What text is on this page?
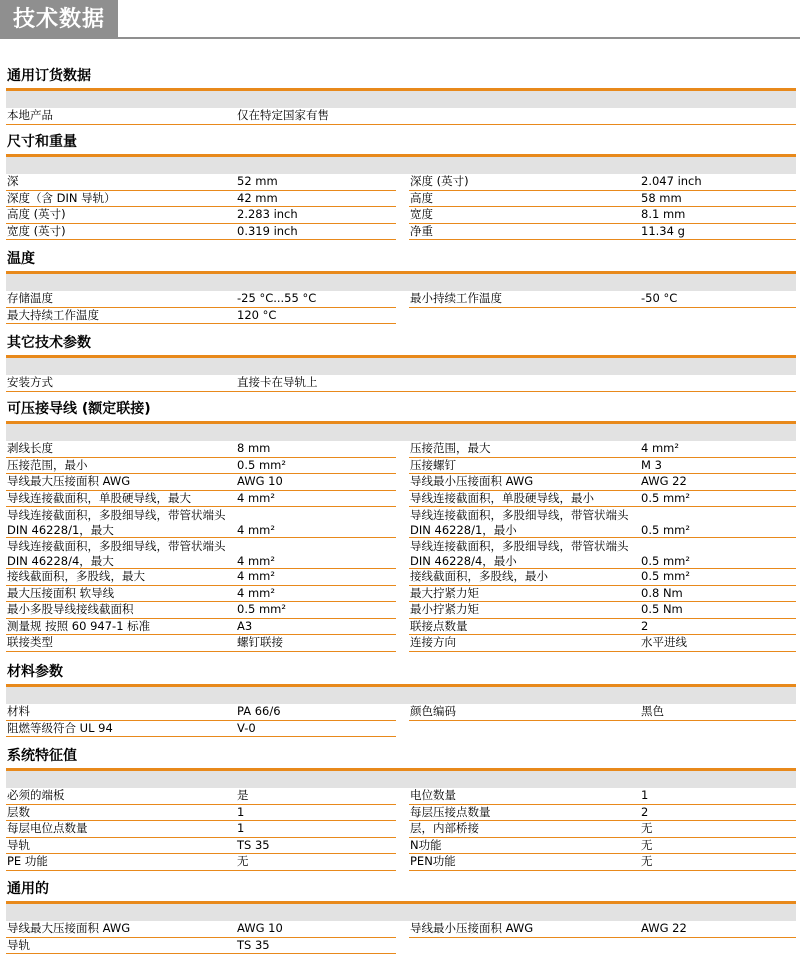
技术数据
通用订货数据
本地产品	仅在特定国家有售
尺寸和重量
深	52 mm	深度 (英寸)	2.047 inch
深度（含 DIN 导轨）	42 mm	高度	58 mm
高度 (英寸)	2.283 inch	宽度	8.1 mm
宽度 (英寸)	0.319 inch	净重	11.34 g
温度
存储温度	-25 °C...55 °C	最小持续工作温度	-50 °C
最大持续工作温度	120 °C
其它技术参数
安装方式	直接卡在导轨上
可压接导线 (额定联接)
剥线长度	8 mm	压接范围，最大	4 mm²
压接范围，最小	0.5 mm²	压接螺钉	M 3
导线最大压接面积 AWG	AWG 10	导线最小压接面积 AWG	AWG 22
导线连接截面积，单股硬导线，最大	4 mm²	导线连接截面积，单股硬导线，最小	0.5 mm²
导线连接截面积，多股细导线，带管状端头 DIN 46228/1，最大	4 mm²
导线连接截面积，多股细导线，带管状端头 DIN 46228/1，最小	0.5 mm²
导线连接截面积，多股细导线，带管状端头 DIN 46228/4，最大	4 mm²
导线连接截面积，多股细导线，带管状端头 DIN 46228/4，最小	0.5 mm²
接线截面积，多股线，最大	4 mm²	接线截面积，多股线，最小	0.5 mm²
最大压接面积 软导线	4 mm²	最大拧紧力矩	0.8 Nm
最小多股导线接线截面积	0.5 mm²	最小拧紧力矩	0.5 Nm
测量规 按照 60 947-1 标准	A3	联接点数量	2
联接类型	螺钉联接	连接方向	水平进线
材料参数
材料	PA 66/6	颜色编码	黑色
阻燃等级符合 UL 94	V-0
系统特征值
必须的端板	是	电位数量	1
层数	1	每层压接点数量	2
每层电位点数量	1	层，内部桥接	无
导轨	TS 35	N功能	无
PE 功能	无	PEN功能	无
通用的
导线最大压接面积 AWG	AWG 10	导线最小压接面积 AWG	AWG 22
导轨	TS 35
